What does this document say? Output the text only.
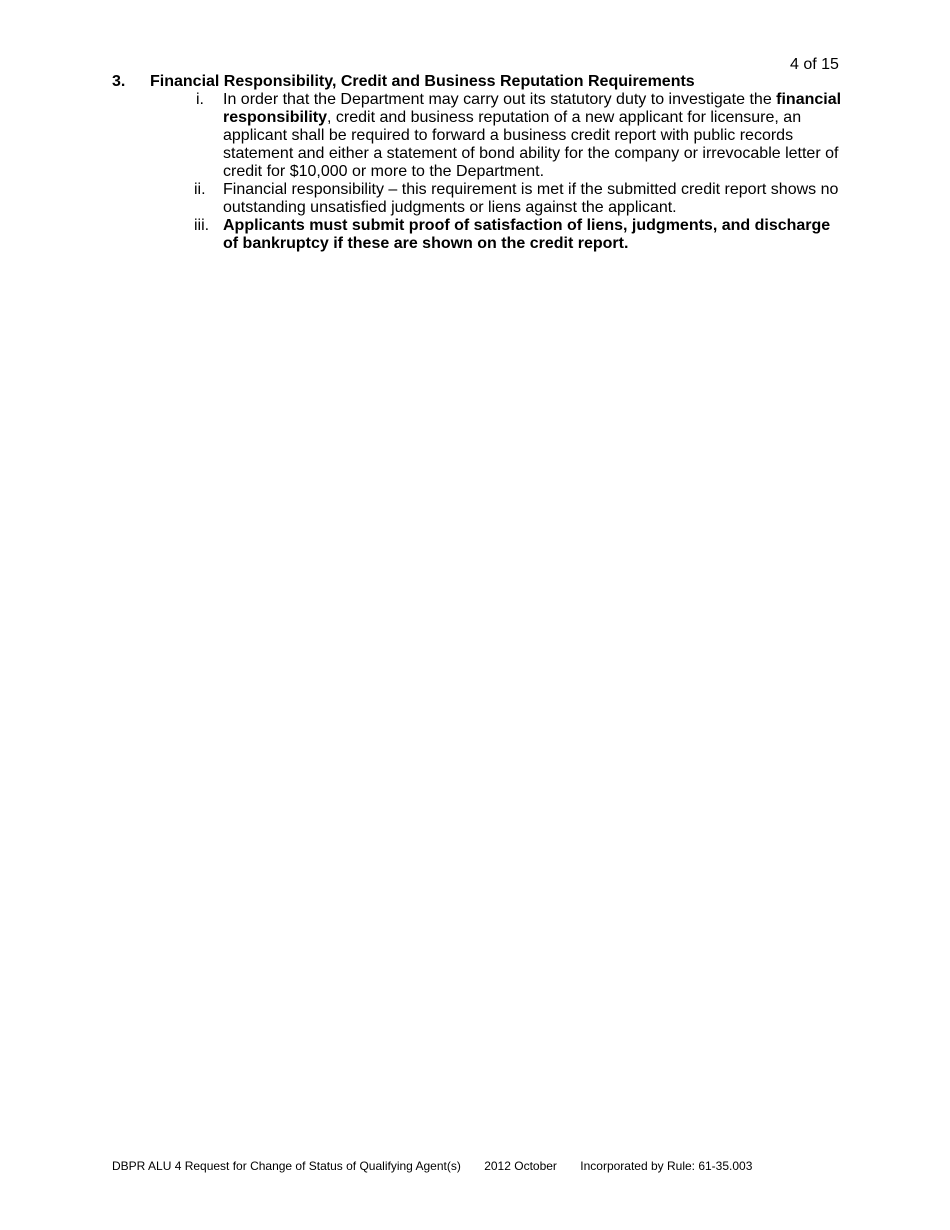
4 of 15
3. Financial Responsibility, Credit and Business Reputation Requirements
i. In order that the Department may carry out its statutory duty to investigate the financial responsibility, credit and business reputation of a new applicant for licensure, an applicant shall be required to forward a business credit report with public records statement and either a statement of bond ability for the company or irrevocable letter of credit for $10,000 or more to the Department.
ii. Financial responsibility – this requirement is met if the submitted credit report shows no outstanding unsatisfied judgments or liens against the applicant.
iii. Applicants must submit proof of satisfaction of liens, judgments, and discharge of bankruptcy if these are shown on the credit report.
DBPR ALU 4 Request for Change of Status of Qualifying Agent(s) 2012 October Incorporated by Rule: 61-35.003
